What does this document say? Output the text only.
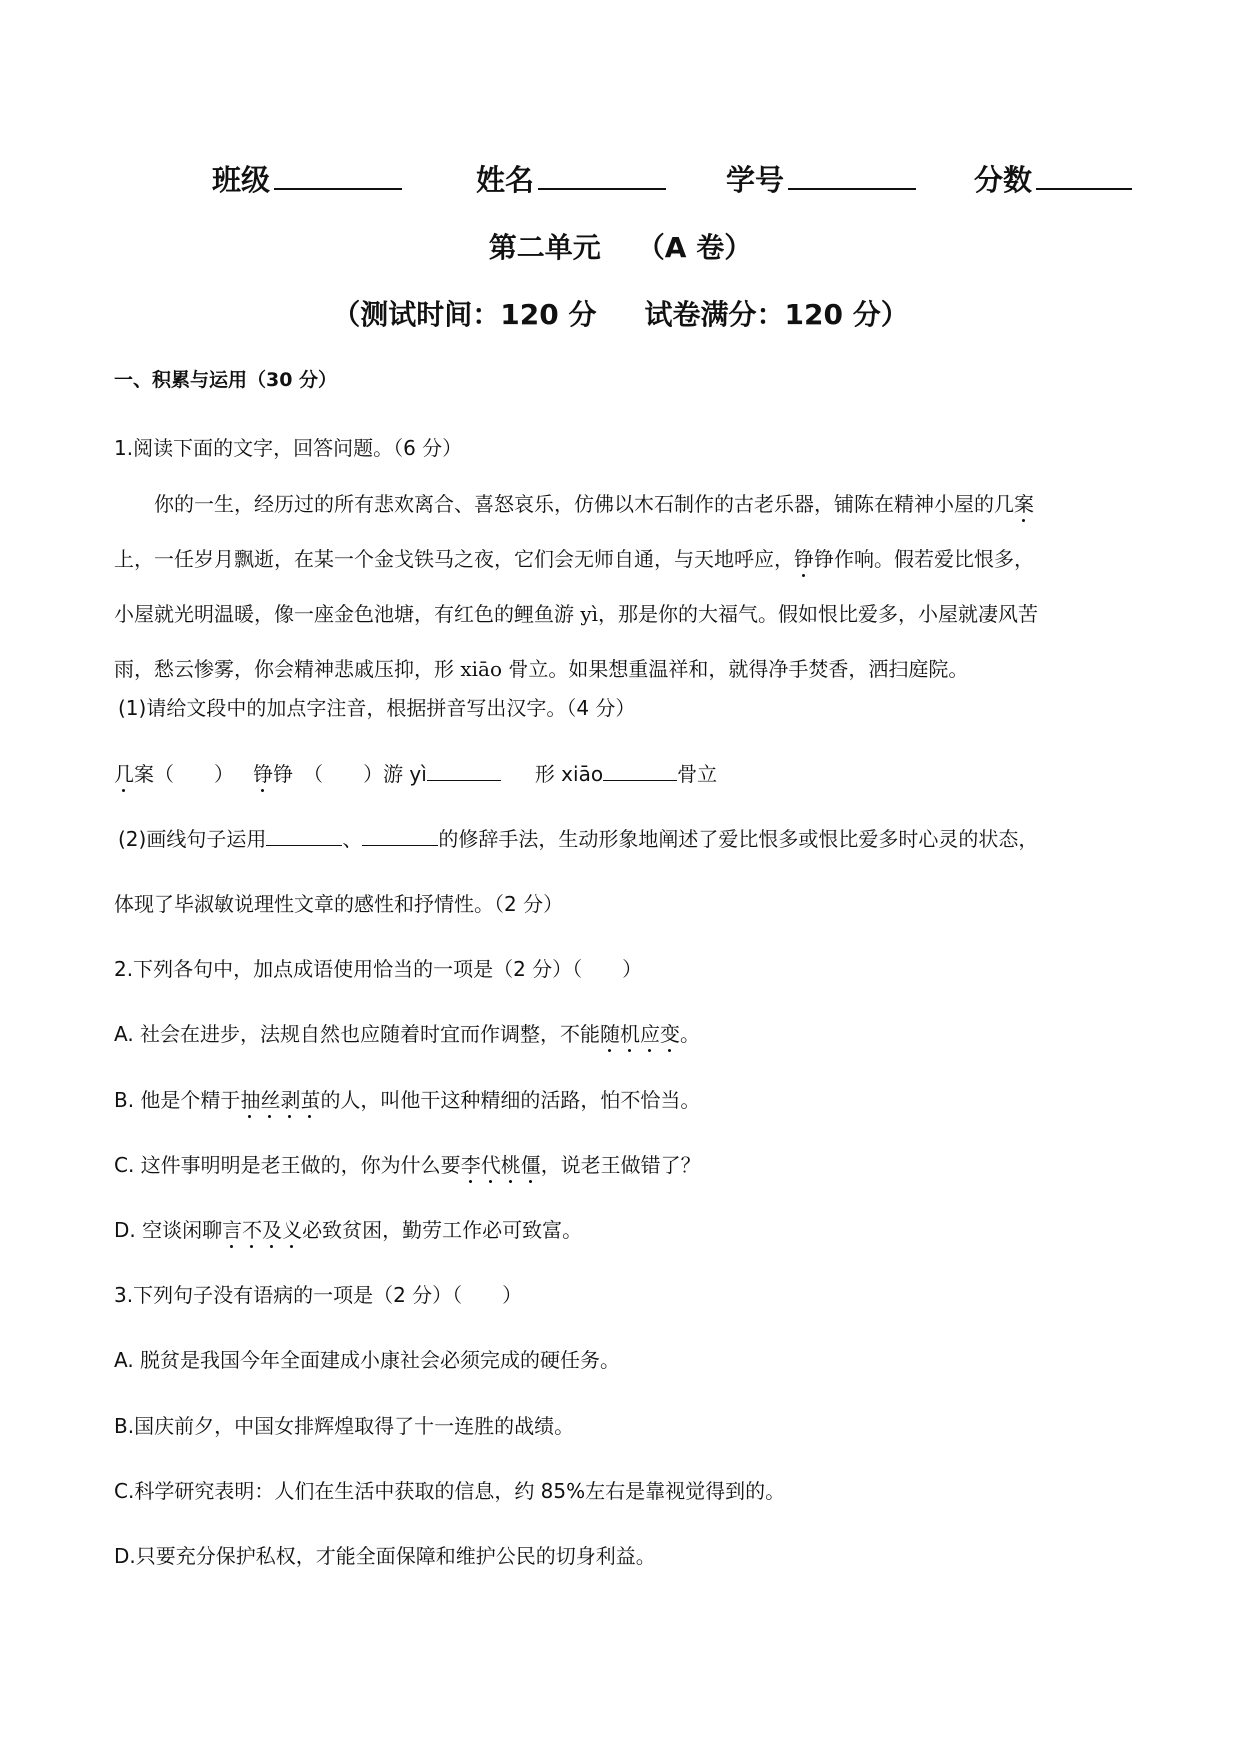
班级	姓名	学号	分数
第二单元 （A 卷）
（测试时间：120 分 试卷满分：120 分）
一、积累与运用（30 分）
1.阅读下面的文字，回答问题。（6 分）

你的一生，经历过的所有悲欢离合、喜怒哀乐，仿佛以木石制作的古老乐器，铺陈在精神小屋的几案

上，一任岁月飘逝，在某一个金戈铁马之夜，它们会无师自通，与天地呼应，铮铮作响。假若爱比恨多，

小屋就光明温暖，像一座金色池塘，有红色的鲤鱼游 yì，那是你的大福气。假如恨比爱多，小屋就凄风苦

雨，愁云惨雾，你会精神悲戚压抑，形 xiāo 骨立。如果想重温祥和，就得净手焚香，洒扫庭院。

(1)请给文段中的加点字注音，根据拼音写出汉字。（4 分）
几案（　　） 铮铮　（　　）游 yì	形 xiāo	骨立
(2)画线句子运用	、	的修辞手法，生动形象地阐述了爱比恨多或恨比爱多时心灵的状态，
体现了毕淑敏说理性文章的感性和抒情性。（2 分）
2.下列各句中，加点成语使用恰当的一项是（2 分）（　　）
A. 社会在进步，法规自然也应随着时宜而作调整，不能随机应变。
B. 他是个精于抽丝剥茧的人，叫他干这种精细的活路，怕不恰当。
C. 这件事明明是老王做的，你为什么要李代桃僵，说老王做错了？
D. 空谈闲聊言不及义必致贫困，勤劳工作必可致富。
3.下列句子没有语病的一项是（2 分）（　　）
A. 脱贫是我国今年全面建成小康社会必须完成的硬任务。
B.国庆前夕，中国女排辉煌取得了十一连胜的战绩。
C.科学研究表明：人们在生活中获取的信息，约 85%左右是靠视觉得到的。
D.只要充分保护私权，才能全面保障和维护公民的切身利益。
